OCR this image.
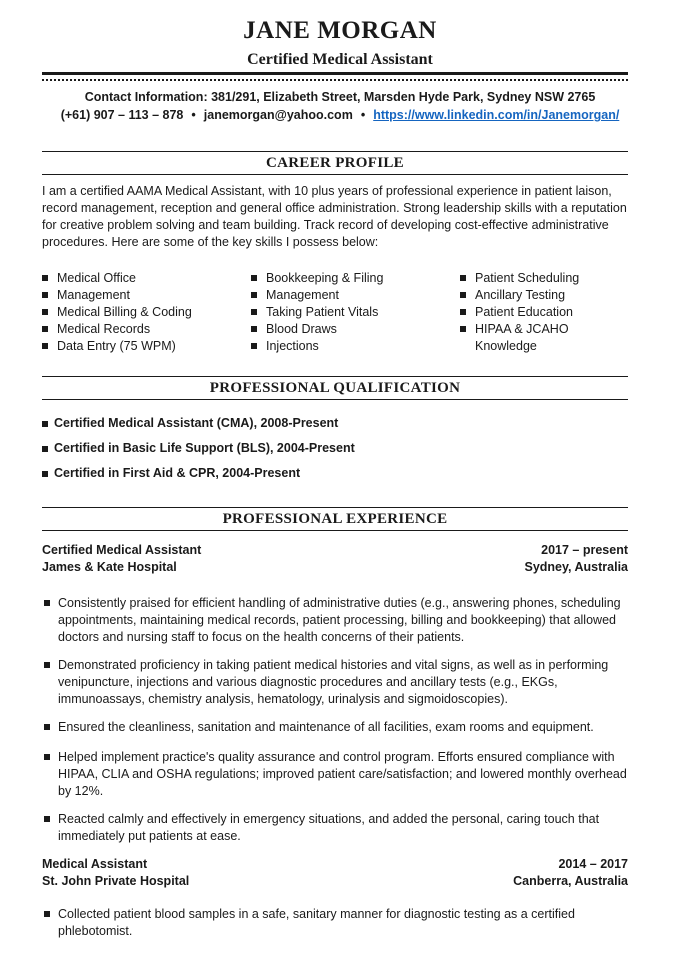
JANE MORGAN
Certified Medical Assistant
Contact Information: 381/291, Elizabeth Street, Marsden Hyde Park, Sydney NSW 2765
(+61) 907 – 113 – 878 • janemorgan@yahoo.com • https://www.linkedin.com/in/Janemorgan/
CAREER PROFILE

I am a certified AAMA Medical Assistant, with 10 plus years of professional experience in patient laison, record management, reception and general office administration. Strong leadership skills with a reputation for creative problem solving and team building. Track record of developing cost-effective administrative procedures. Here are some of the key skills I possess below:

Medical Office
Management
Medical Billing & Coding
Medical Records
Data Entry (75 WPM)
Bookkeeping & Filing
Management
Taking Patient Vitals
Blood Draws
Injections
Patient Scheduling
Ancillary Testing
Patient Education
HIPAA & JCAHO Knowledge
PROFESSIONAL QUALIFICATION
Certified Medical Assistant (CMA), 2008-Present
Certified in Basic Life Support (BLS), 2004-Present
Certified in First Aid & CPR, 2004-Present
PROFESSIONAL EXPERIENCE
Certified Medical Assistant	2017 – present
James & Kate Hospital	Sydney, Australia
Consistently praised for efficient handling of administrative duties (e.g., answering phones, scheduling appointments, maintaining medical records, patient processing, billing and bookkeeping) that allowed doctors and nursing staff to focus on the health concerns of their patients.
Demonstrated proficiency in taking patient medical histories and vital signs, as well as in performing venipuncture, injections and various diagnostic procedures and ancillary tests (e.g., EKGs, immunoassays, chemistry analysis, hematology, urinalysis and sigmoidoscopies).
Ensured the cleanliness, sanitation and maintenance of all facilities, exam rooms and equipment.
Helped implement practice's quality assurance and control program. Efforts ensured compliance with HIPAA, CLIA and OSHA regulations; improved patient care/satisfaction; and lowered monthly overhead by 12%.
Reacted calmly and effectively in emergency situations, and added the personal, caring touch that immediately put patients at ease.
Medical Assistant	2014 – 2017
St. John Private Hospital	Canberra, Australia
Collected patient blood samples in a safe, sanitary manner for diagnostic testing as a certified phlebotomist.
